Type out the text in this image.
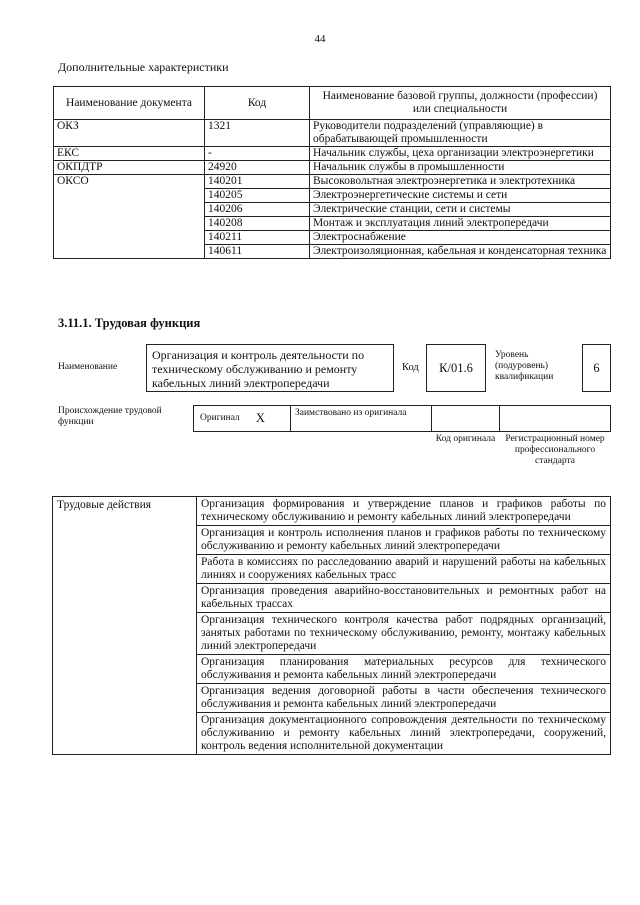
44
Дополнительные характеристики
Наименование документа	Код	Наименование базовой группы, должности (профессии) или специальности
ОКЗ	1321	Руководители подразделений (управляющие) в обрабатывающей промышленности
ЕКС	-	Начальник службы, цеха организации электроэнергетики
ОКПДТР	24920	Начальник службы в промышленности
ОКСО	140201	Высоковольтная электроэнергетика и электротехника
	140205	Электроэнергетические системы и сети
	140206	Электрические станции, сети и системы
	140208	Монтаж и эксплуатация линий электропередачи
	140211	Электроснабжение
	140611	Электроизоляционная, кабельная и конденсаторная техника
3.11.1. Трудовая функция
Наименование
Организация и контроль деятельности по техническому обслуживанию и ремонту кабельных линий электропередачи
Код К/01.6
Уровень (подуровень) квалификации
6
Происхождение трудовой функции	Оригинал X	Заимствовано из оригинала
Код оригинала	Регистрационный номер профессионального стандарта
Трудовые действия	Организация формирования и утверждение планов и графиков работы по техническому обслуживанию и ремонту кабельных линий электропередачи
Организация и контроль исполнения планов и графиков работы по техническому обслуживанию и ремонту кабельных линий электропередачи
Работа в комиссиях по расследованию аварий и нарушений работы на кабельных линиях и сооружениях кабельных трасс
Организация проведения аварийно-восстановительных и ремонтных работ на кабельных трассах
Организация технического контроля качества работ подрядных организаций, занятых работами по техническому обслуживанию, ремонту, монтажу кабельных линий электропередачи
Организация планирования материальных ресурсов для технического обслуживания и ремонта кабельных линий электропередачи
Организация ведения договорной работы в части обеспечения технического обслуживания и ремонта кабельных линий электропередачи
Организация документационного сопровождения деятельности по техническому обслуживанию и ремонту кабельных линий электропередачи, сооружений, контроль ведения исполнительной документации
